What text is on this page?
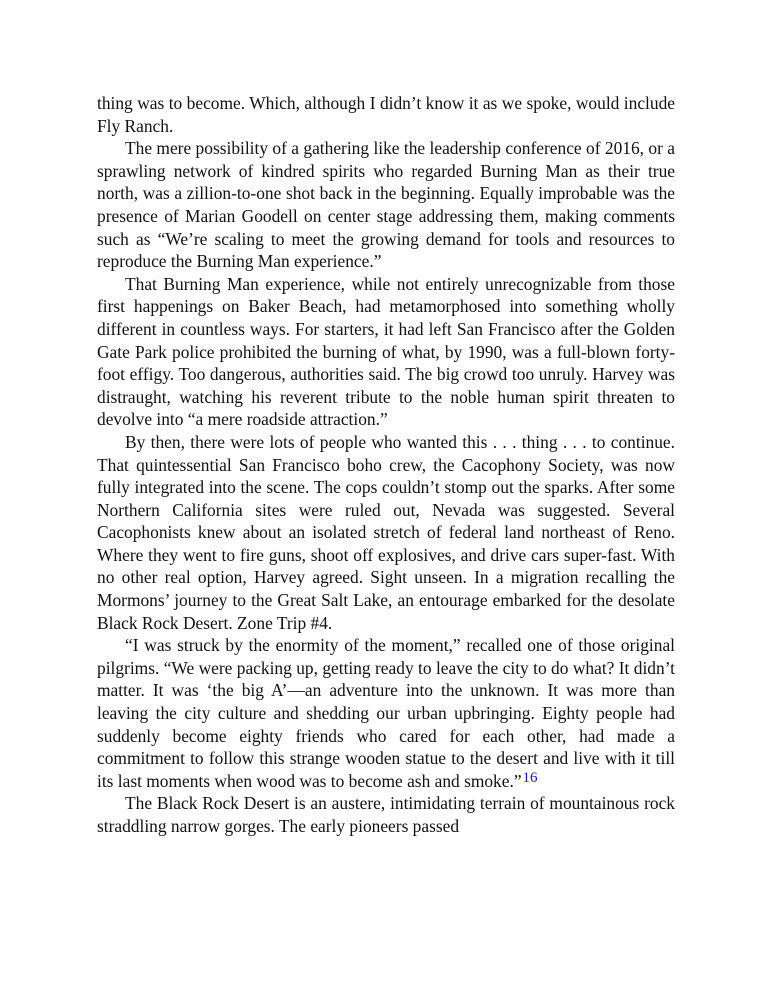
thing was to become. Which, although I didn’t know it as we spoke, would include Fly Ranch.

The mere possibility of a gathering like the leadership conference of 2016, or a sprawling network of kindred spirits who regarded Burning Man as their true north, was a zillion-to-one shot back in the beginning. Equally improbable was the presence of Marian Goodell on center stage addressing them, making comments such as “We’re scaling to meet the growing demand for tools and resources to reproduce the Burning Man experience.”

That Burning Man experience, while not entirely unrecognizable from those first happenings on Baker Beach, had metamorphosed into something wholly different in countless ways. For starters, it had left San Francisco after the Golden Gate Park police prohibited the burning of what, by 1990, was a full-blown forty-foot effigy. Too dangerous, authorities said. The big crowd too unruly. Harvey was distraught, watching his reverent tribute to the noble human spirit threaten to devolve into “a mere roadside attraction.”

By then, there were lots of people who wanted this . . . thing . . . to continue. That quintessential San Francisco boho crew, the Cacophony Society, was now fully integrated into the scene. The cops couldn’t stomp out the sparks. After some Northern California sites were ruled out, Nevada was suggested. Several Cacophonists knew about an isolated stretch of federal land northeast of Reno. Where they went to fire guns, shoot off explosives, and drive cars super-fast. With no other real option, Harvey agreed. Sight unseen. In a migration recalling the Mormons’ journey to the Great Salt Lake, an entourage embarked for the desolate Black Rock Desert. Zone Trip #4.

“I was struck by the enormity of the moment,” recalled one of those original pilgrims. “We were packing up, getting ready to leave the city to do what? It didn’t matter. It was ‘the big A’—an adventure into the unknown. It was more than leaving the city culture and shedding our urban upbringing. Eighty people had suddenly become eighty friends who cared for each other, had made a commitment to follow this strange wooden statue to the desert and live with it till its last moments when wood was to become ash and smoke.”$^{16}$

The Black Rock Desert is an austere, intimidating terrain of mountainous rock straddling narrow gorges. The early pioneers passed
